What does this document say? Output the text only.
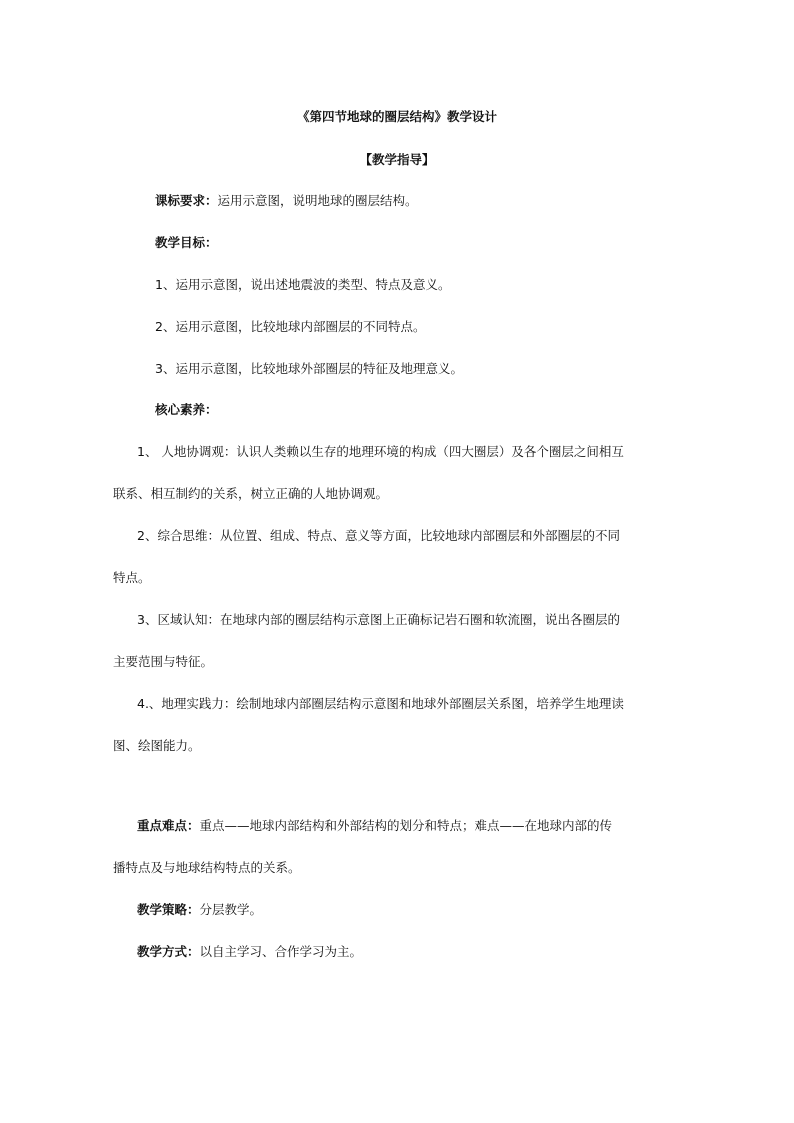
《第四节地球的圈层结构》教学设计
【教学指导】
课标要求：运用示意图，说明地球的圈层结构。
教学目标：
1、运用示意图，说出述地震波的类型、特点及意义。
2、运用示意图，比较地球内部圈层的不同特点。
3、运用示意图，比较地球外部圈层的特征及地理意义。
核心素养：
1、 人地协调观：认识人类赖以生存的地理环境的构成（四大圈层）及各个圈层之间相互
联系、相互制约的关系，树立正确的人地协调观。
2、综合思维：从位置、组成、特点、意义等方面，比较地球内部圈层和外部圈层的不同
特点。
3、区域认知：在地球内部的圈层结构示意图上正确标记岩石圈和软流圈，说出各圈层的
主要范围与特征。
4.、地理实践力：绘制地球内部圈层结构示意图和地球外部圈层关系图，培养学生地理读
图、绘图能力。
重点难点：重点——地球内部结构和外部结构的划分和特点；难点——在地球内部的传
播特点及与地球结构特点的关系。
教学策略：分层教学。
教学方式：以自主学习、合作学习为主。
